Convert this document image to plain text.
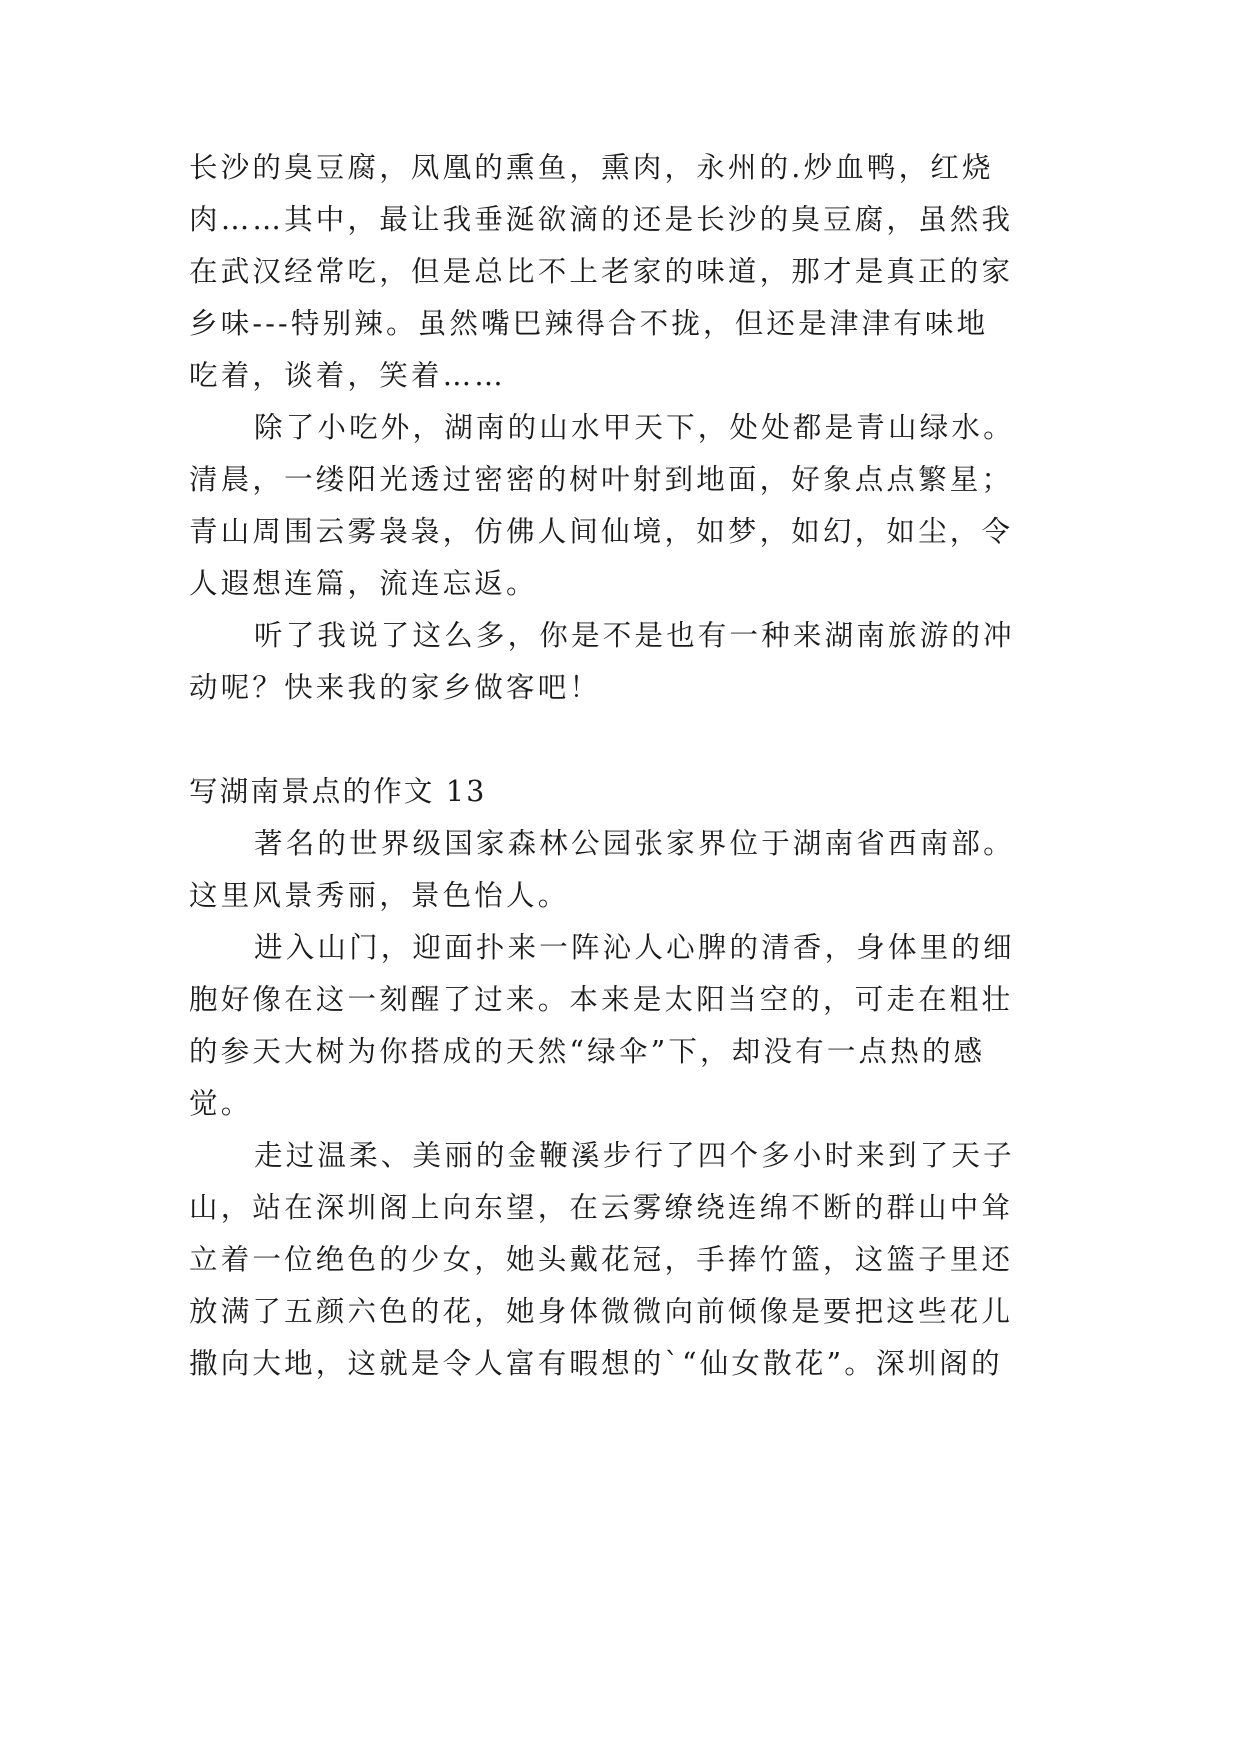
长沙的臭豆腐，凤凰的熏鱼，熏肉，永州的.炒血鸭，红烧
肉……其中，最让我垂涎欲滴的还是长沙的臭豆腐，虽然我
在武汉经常吃，但是总比不上老家的味道，那才是真正的家
乡味---特别辣。虽然嘴巴辣得合不拢，但还是津津有味地
吃着，谈着，笑着……
除了小吃外，湖南的山水甲天下，处处都是青山绿水。
清晨，一缕阳光透过密密的树叶射到地面，好象点点繁星；
青山周围云雾袅袅，仿佛人间仙境，如梦，如幻，如尘，令
人遐想连篇，流连忘返。
听了我说了这么多，你是不是也有一种来湖南旅游的冲
动呢？快来我的家乡做客吧！
写湖南景点的作文 13
著名的世界级国家森林公园张家界位于湖南省西南部。
这里风景秀丽，景色怡人。
进入山门，迎面扑来一阵沁人心脾的清香，身体里的细
胞好像在这一刻醒了过来。本来是太阳当空的，可走在粗壮
的参天大树为你搭成的天然“绿伞”下，却没有一点热的感
觉。
走过温柔、美丽的金鞭溪步行了四个多小时来到了天子
山，站在深圳阁上向东望，在云雾缭绕连绵不断的群山中耸
立着一位绝色的少女，她头戴花冠，手捧竹篮，这篮子里还
放满了五颜六色的花，她身体微微向前倾像是要把这些花儿
撒向大地，这就是令人富有暇想的`“仙女散花”。深圳阁的
